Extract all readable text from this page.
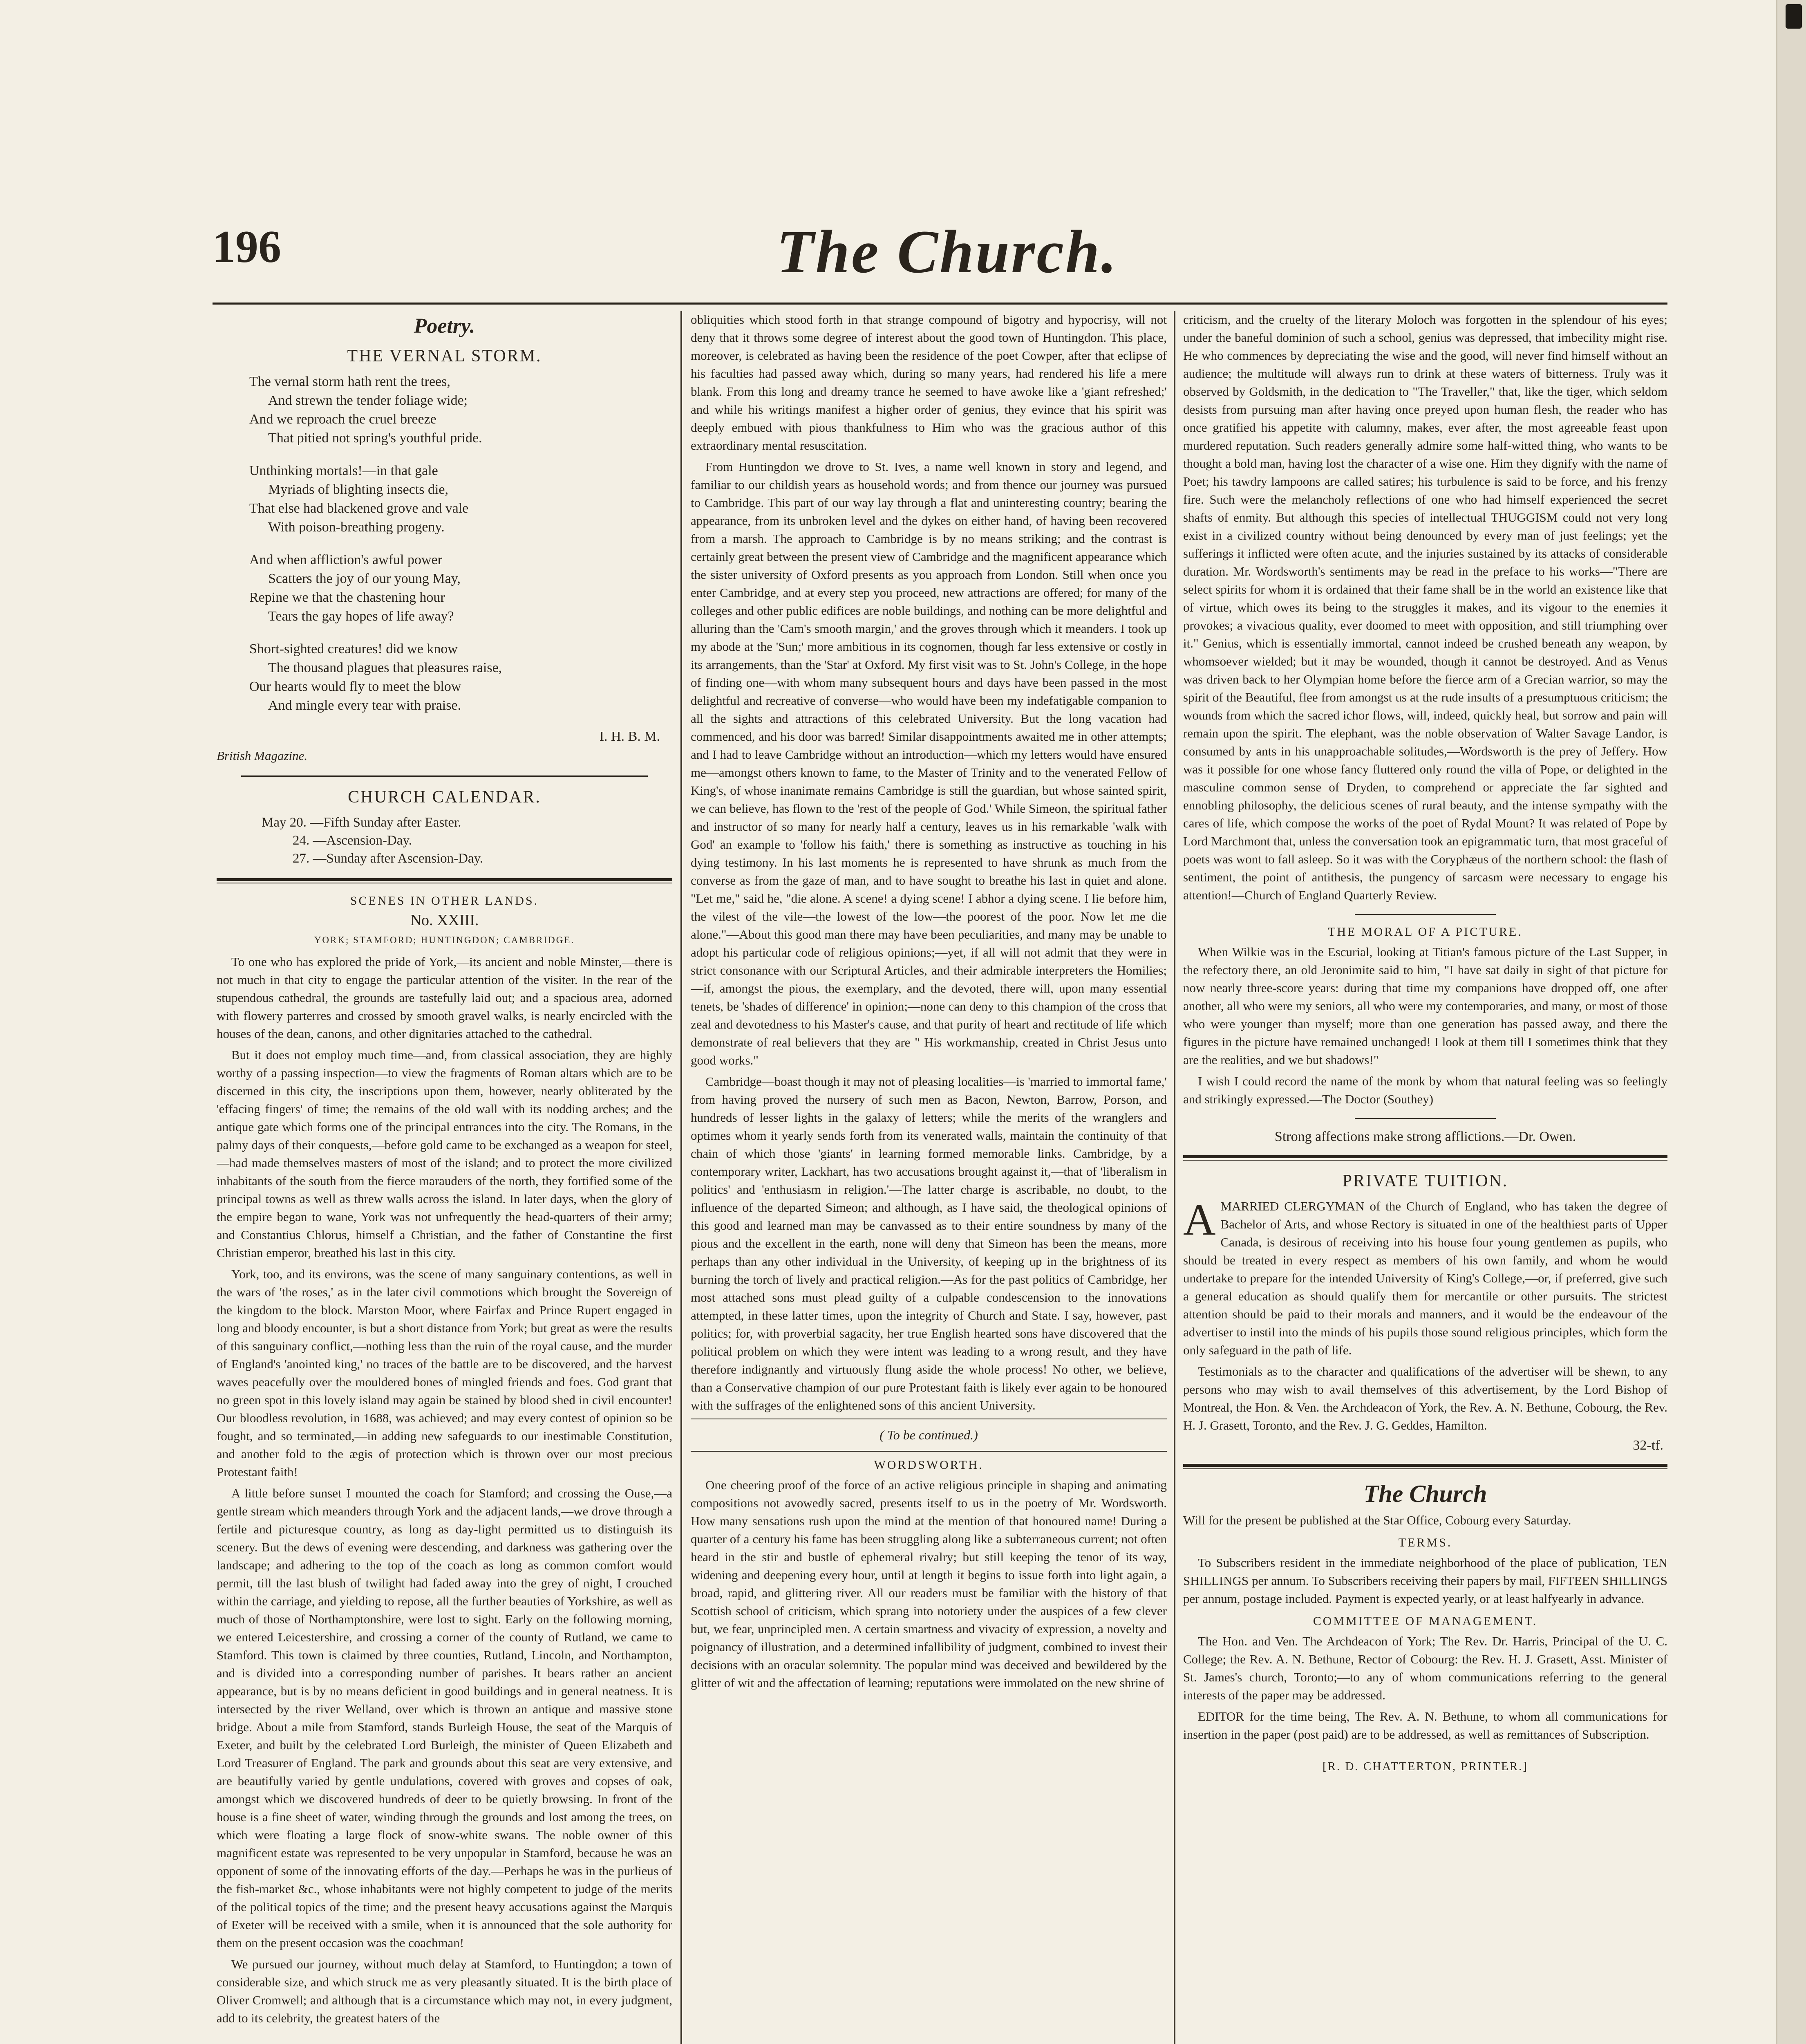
196	The Church.
Poetry.
THE VERNAL STORM.
The vernal storm hath rent the trees,
And strewn the tender foliage wide;
And we reproach the cruel breeze
That pitied not spring's youthful pride.
Unthinking mortals!—in that gale
Myriads of blighting insects die,
That else had blackened grove and vale
With poison-breathing progeny.
And when affliction's awful power
Scatters the joy of our young May,
Repine we that the chastening hour
Tears the gay hopes of life away?
Short-sighted creatures! did we know
The thousand plagues that pleasures raise,
Our hearts would fly to meet the blow
And mingle every tear with praise.
I. H. B. M.
British Magazine.
CHURCH CALENDAR.
May 20. —Fifth Sunday after Easter.
24. —Ascension-Day.
27. —Sunday after Ascension-Day.
SCENES IN OTHER LANDS.
No. XXIII.
YORK; STAMFORD; HUNTINGDON; CAMBRIDGE.

To one who has explored the pride of York,—its ancient and noble Minster,—there is not much in that city to engage the particular attention of the visiter. In the rear of the stupendous cathedral, the grounds are tastefully laid out; and a spacious area, adorned with flowery parterres and crossed by smooth gravel walks, is nearly encircled with the houses of the dean, canons, and other dignitaries attached to the cathedral.

But it does not employ much time—and, from classical association, they are highly worthy of a passing inspection—to view the fragments of Roman altars which are to be discerned in this city, the inscriptions upon them, however, nearly obliterated by the 'effacing fingers' of time; the remains of the old wall with its nodding arches; and the antique gate which forms one of the principal entrances into the city. The Romans, in the palmy days of their conquests,—before gold came to be exchanged as a weapon for steel,—had made themselves masters of most of the island; and to protect the more civilized inhabitants of the south from the fierce marauders of the north, they fortified some of the principal towns as well as threw walls across the island. In later days, when the glory of the empire began to wane, York was not unfrequently the head-quarters of their army; and Constantius Chlorus, himself a Christian, and the father of Constantine the first Christian emperor, breathed his last in this city.

York, too, and its environs, was the scene of many sanguinary contentions, as well in the wars of 'the roses,' as in the later civil commotions which brought the Sovereign of the kingdom to the block. Marston Moor, where Fairfax and Prince Rupert engaged in long and bloody encounter, is but a short distance from York; but great as were the results of this sanguinary conflict,—nothing less than the ruin of the royal cause, and the murder of England's 'anointed king,' no traces of the battle are to be discovered, and the harvest waves peacefully over the mouldered bones of mingled friends and foes. God grant that no green spot in this lovely island may again be stained by blood shed in civil encounter! Our bloodless revolution, in 1688, was achieved; and may every contest of opinion so be fought, and so terminated,—in adding new safeguards to our inestimable Constitution, and another fold to the ægis of protection which is thrown over our most precious Protestant faith!

A little before sunset I mounted the coach for Stamford; and crossing the Ouse,—a gentle stream which meanders through York and the adjacent lands,—we drove through a fertile and picturesque country, as long as day-light permitted us to distinguish its scenery. But the dews of evening were descending, and darkness was gathering over the landscape; and adhering to the top of the coach as long as common comfort would permit, till the last blush of twilight had faded away into the grey of night, I crouched within the carriage, and yielding to repose, all the further beauties of Yorkshire, as well as much of those of Northamptonshire, were lost to sight. Early on the following morning, we entered Leicestershire, and crossing a corner of the county of Rutland, we came to Stamford. This town is claimed by three counties, Rutland, Lincoln, and Northampton, and is divided into a corresponding number of parishes. It bears rather an ancient appearance, but is by no means deficient in good buildings and in general neatness. It is intersected by the river Welland, over which is thrown an antique and massive stone bridge. About a mile from Stamford, stands Burleigh House, the seat of the Marquis of Exeter, and built by the celebrated Lord Burleigh, the minister of Queen Elizabeth and Lord Treasurer of England. The park and grounds about this seat are very extensive, and are beautifully varied by gentle undulations, covered with groves and copses of oak, amongst which we discovered hundreds of deer to be quietly browsing. In front of the house is a fine sheet of water, winding through the grounds and lost among the trees, on which were floating a large flock of snow-white swans. The noble owner of this magnificent estate was represented to be very unpopular in Stamford, because he was an opponent of some of the innovating efforts of the day.—Perhaps he was in the purlieus of the fish-market &c., whose inhabitants were not highly competent to judge of the merits of the political topics of the time; and the present heavy accusations against the Marquis of Exeter will be received with a smile, when it is announced that the sole authority for them on the present occasion was the coachman!

We pursued our journey, without much delay at Stamford, to Huntingdon; a town of considerable size, and which struck me as very pleasantly situated. It is the birth place of Oliver Cromwell; and although that is a circumstance which may not, in every judgment, add to its celebrity, the greatest haters of the

obliquities which stood forth in that strange compound of bigotry and hypocrisy, will not deny that it throws some degree of interest about the good town of Huntingdon. This place, moreover, is celebrated as having been the residence of the poet Cowper, after that eclipse of his faculties had passed away which, during so many years, had rendered his life a mere blank. From this long and dreamy trance he seemed to have awoke like a 'giant refreshed;' and while his writings manifest a higher order of genius, they evince that his spirit was deeply embued with pious thankfulness to Him who was the gracious author of this extraordinary mental resuscitation.

From Huntingdon we drove to St. Ives, a name well known in story and legend, and familiar to our childish years as household words; and from thence our journey was pursued to Cambridge. This part of our way lay through a flat and uninteresting country; bearing the appearance, from its unbroken level and the dykes on either hand, of having been recovered from a marsh. The approach to Cambridge is by no means striking; and the contrast is certainly great between the present view of Cambridge and the magnificent appearance which the sister university of Oxford presents as you approach from London. Still when once you enter Cambridge, and at every step you proceed, new attractions are offered; for many of the colleges and other public edifices are noble buildings, and nothing can be more delightful and alluring than the 'Cam's smooth margin,' and the groves through which it meanders. I took up my abode at the 'Sun;' more ambitious in its cognomen, though far less extensive or costly in its arrangements, than the 'Star' at Oxford. My first visit was to St. John's College, in the hope of finding one—with whom many subsequent hours and days have been passed in the most delightful and recreative of converse—who would have been my indefatigable companion to all the sights and attractions of this celebrated University. But the long vacation had commenced, and his door was barred! Similar disappointments awaited me in other attempts; and I had to leave Cambridge without an introduction—which my letters would have ensured me—amongst others known to fame, to the Master of Trinity and to the venerated Fellow of King's, of whose inanimate remains Cambridge is still the guardian, but whose sainted spirit, we can believe, has flown to the 'rest of the people of God.' While Simeon, the spiritual father and instructor of so many for nearly half a century, leaves us in his remarkable 'walk with God' an example to 'follow his faith,' there is something as instructive as touching in his dying testimony. In his last moments he is represented to have shrunk as much from the converse as from the gaze of man, and to have sought to breathe his last in quiet and alone. "Let me," said he, "die alone. A scene! a dying scene! I abhor a dying scene. I lie before him, the vilest of the vile—the lowest of the low—the poorest of the poor. Now let me die alone."—About this good man there may have been peculiarities, and many may be unable to adopt his particular code of religious opinions;—yet, if all will not admit that they were in strict consonance with our Scriptural Articles, and their admirable interpreters the Homilies;—if, amongst the pious, the exemplary, and the devoted, there will, upon many essential tenets, be 'shades of difference' in opinion;—none can deny to this champion of the cross that zeal and devotedness to his Master's cause, and that purity of heart and rectitude of life which demonstrate of real believers that they are " His workmanship, created in Christ Jesus unto good works."

Cambridge—boast though it may not of pleasing localities—is 'married to immortal fame,' from having proved the nursery of such men as Bacon, Newton, Barrow, Porson, and hundreds of lesser lights in the galaxy of letters; while the merits of the wranglers and optimes whom it yearly sends forth from its venerated walls, maintain the continuity of that chain of which those 'giants' in learning formed memorable links. Cambridge, by a contemporary writer, Lackhart, has two accusations brought against it,—that of 'liberalism in politics' and 'enthusiasm in religion.'—The latter charge is ascribable, no doubt, to the influence of the departed Simeon; and although, as I have said, the theological opinions of this good and learned man may be canvassed as to their entire soundness by many of the pious and the excellent in the earth, none will deny that Simeon has been the means, more perhaps than any other individual in the University, of keeping up in the brightness of its burning the torch of lively and practical religion.—As for the past politics of Cambridge, her most attached sons must plead guilty of a culpable condescension to the innovations attempted, in these latter times, upon the integrity of Church and State. I say, however, past politics; for, with proverbial sagacity, her true English hearted sons have discovered that the political problem on which they were intent was leading to a wrong result, and they have therefore indignantly and virtuously flung aside the whole process! No other, we believe, than a Conservative champion of our pure Protestant faith is likely ever again to be honoured with the suffrages of the enlightened sons of this ancient University.

( To be continued.)
WORDSWORTH.

One cheering proof of the force of an active religious principle in shaping and animating compositions not avowedly sacred, presents itself to us in the poetry of Mr. Wordsworth. How many sensations rush upon the mind at the mention of that honoured name! During a quarter of a century his fame has been struggling along like a subterraneous current; not often heard in the stir and bustle of ephemeral rivalry; but still keeping the tenor of its way, widening and deepening every hour, until at length it begins to issue forth into light again, a broad, rapid, and glittering river. All our readers must be familiar with the history of that Scottish school of criticism, which sprang into notoriety under the auspices of a few clever but, we fear, unprincipled men. A certain smartness and vivacity of expression, a novelty and poignancy of illustration, and a determined infallibility of judgment, combined to invest their decisions with an oracular solemnity. The popular mind was deceived and bewildered by the glitter of wit and the affectation of learning; reputations were immolated on the new shrine of

criticism, and the cruelty of the literary Moloch was forgotten in the splendour of his eyes; under the baneful dominion of such a school, genius was depressed, that imbecility might rise. He who commences by depreciating the wise and the good, will never find himself without an audience; the multitude will always run to drink at these waters of bitterness. Truly was it observed by Goldsmith, in the dedication to "The Traveller," that, like the tiger, which seldom desists from pursuing man after having once preyed upon human flesh, the reader who has once gratified his appetite with calumny, makes, ever after, the most agreeable feast upon murdered reputation. Such readers generally admire some half-witted thing, who wants to be thought a bold man, having lost the character of a wise one. Him they dignify with the name of Poet; his tawdry lampoons are called satires; his turbulence is said to be force, and his frenzy fire. Such were the melancholy reflections of one who had himself experienced the secret shafts of enmity. But although this species of intellectual THUGGISM could not very long exist in a civilized country without being denounced by every man of just feelings; yet the sufferings it inflicted were often acute, and the injuries sustained by its attacks of considerable duration. Mr. Wordsworth's sentiments may be read in the preface to his works—"There are select spirits for whom it is ordained that their fame shall be in the world an existence like that of virtue, which owes its being to the struggles it makes, and its vigour to the enemies it provokes; a vivacious quality, ever doomed to meet with opposition, and still triumphing over it." Genius, which is essentially immortal, cannot indeed be crushed beneath any weapon, by whomsoever wielded; but it may be wounded, though it cannot be destroyed. And as Venus was driven back to her Olympian home before the fierce arm of a Grecian warrior, so may the spirit of the Beautiful, flee from amongst us at the rude insults of a presumptuous criticism; the wounds from which the sacred ichor flows, will, indeed, quickly heal, but sorrow and pain will remain upon the spirit. The elephant, was the noble observation of Walter Savage Landor, is consumed by ants in his unapproachable solitudes,—Wordsworth is the prey of Jeffery. How was it possible for one whose fancy fluttered only round the villa of Pope, or delighted in the masculine common sense of Dryden, to comprehend or appreciate the far sighted and ennobling philosophy, the delicious scenes of rural beauty, and the intense sympathy with the cares of life, which compose the works of the poet of Rydal Mount? It was related of Pope by Lord Marchmont that, unless the conversation took an epigrammatic turn, that most graceful of poets was wont to fall asleep. So it was with the Coryphæus of the northern school: the flash of sentiment, the point of antithesis, the pungency of sarcasm were necessary to engage his attention!—Church of England Quarterly Review.

THE MORAL OF A PICTURE.

When Wilkie was in the Escurial, looking at Titian's famous picture of the Last Supper, in the refectory there, an old Jeronimite said to him, "I have sat daily in sight of that picture for now nearly three-score years: during that time my companions have dropped off, one after another, all who were my seniors, all who were my contemporaries, and many, or most of those who were younger than myself; more than one generation has passed away, and there the figures in the picture have remained unchanged! I look at them till I sometimes think that they are the realities, and we but shadows!"

I wish I could record the name of the monk by whom that natural feeling was so feelingly and strikingly expressed.—The Doctor (Southey)

Strong affections make strong afflictions.—Dr. Owen.
PRIVATE TUITION.

AMARRIED CLERGYMAN of the Church of England, who has taken the degree of Bachelor of Arts, and whose Rectory is situated in one of the healthiest parts of Upper Canada, is desirous of receiving into his house four young gentlemen as pupils, who should be treated in every respect as members of his own family, and whom he would undertake to prepare for the intended University of King's College,—or, if preferred, give such a general education as should qualify them for mercantile or other pursuits. The strictest attention should be paid to their morals and manners, and it would be the endeavour of the advertiser to instil into the minds of his pupils those sound religious principles, which form the only safeguard in the path of life.

Testimonials as to the character and qualifications of the advertiser will be shewn, to any persons who may wish to avail themselves of this advertisement, by the Lord Bishop of Montreal, the Hon. & Ven. the Archdeacon of York, the Rev. A. N. Bethune, Cobourg, the Rev. H. J. Grasett, Toronto, and the Rev. J. G. Geddes, Hamilton.

32-tf.
The Church

Will for the present be published at the Star Office, Cobourg every Saturday.

TERMS.

To Subscribers resident in the immediate neighborhood of the place of publication, TEN SHILLINGS per annum. To Subscribers receiving their papers by mail, FIFTEEN SHILLINGS per annum, postage included. Payment is expected yearly, or at least halfyearly in advance.

COMMITTEE OF MANAGEMENT.

The Hon. and Ven. The Archdeacon of York; The Rev. Dr. Harris, Principal of the U. C. College; the Rev. A. N. Bethune, Rector of Cobourg: the Rev. H. J. Grasett, Asst. Minister of St. James's church, Toronto;—to any of whom communications referring to the general interests of the paper may be addressed.

EDITOR for the time being, The Rev. A. N. Bethune, to whom all communications for insertion in the paper (post paid) are to be addressed, as well as remittances of Subscription.

[R. D. CHATTERTON, PRINTER.]
